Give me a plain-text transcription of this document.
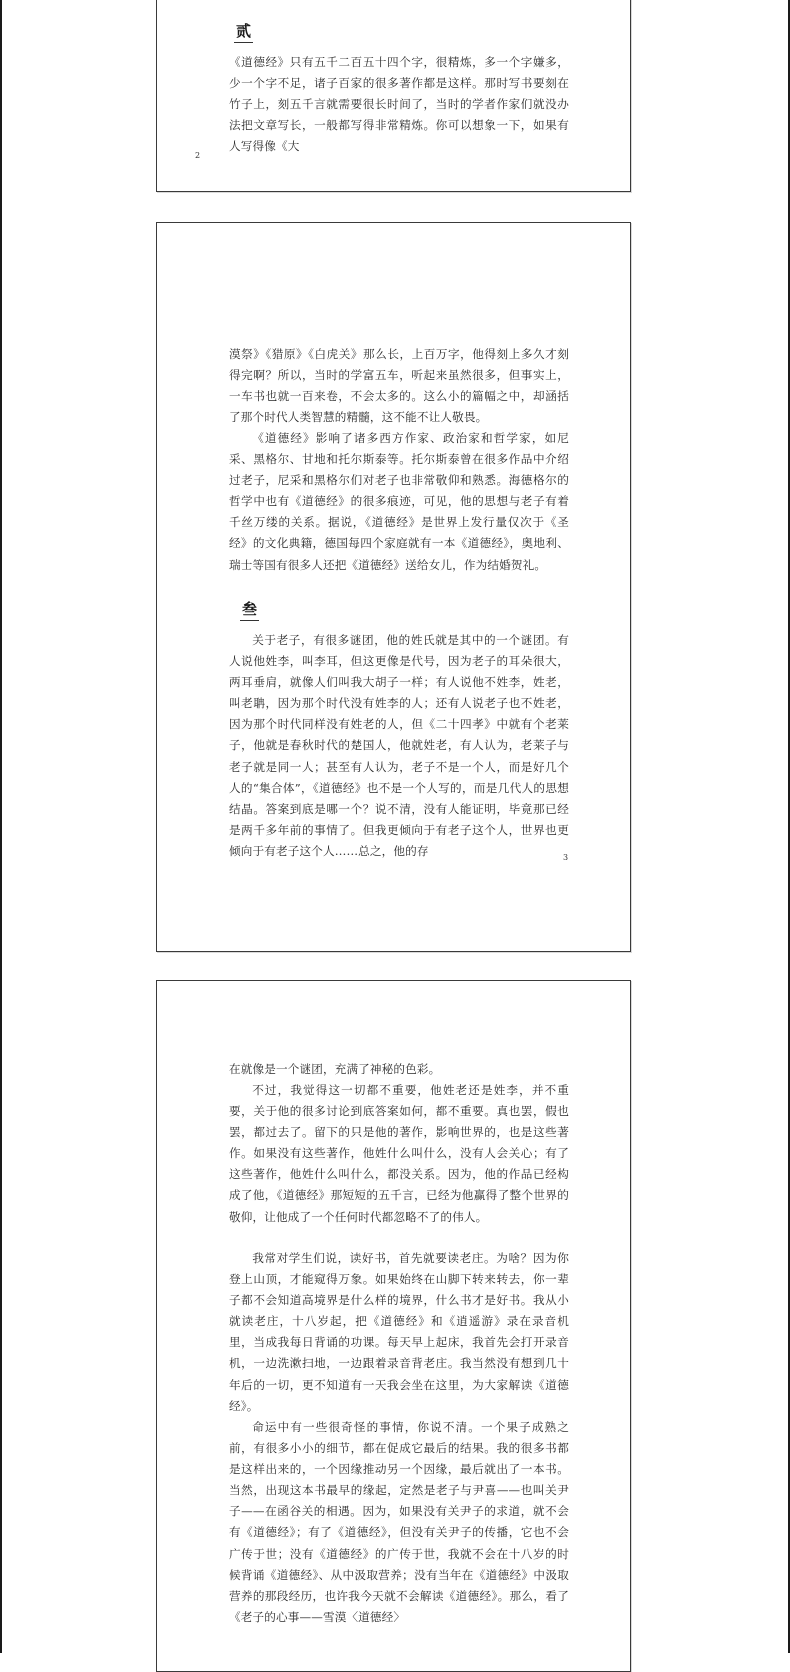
贰

《道德经》只有五千二百五十四个字，很精炼，多一个字嫌多，少一个字不足，诸子百家的很多著作都是这样。那时写书要刻在竹子上，刻五千言就需要很长时间了，当时的学者作家们就没办法把文章写长，一般都写得非常精炼。你可以想象一下，如果有人写得像《大

2

漠祭》《猎原》《白虎关》那么长，上百万字，他得刻上多久才刻得完啊？所以，当时的学富五车，听起来虽然很多，但事实上，一车书也就一百来卷，不会太多的。这么小的篇幅之中，却涵括了那个时代人类智慧的精髓，这不能不让人敬畏。

《道德经》影响了诸多西方作家、政治家和哲学家，如尼采、黑格尔、甘地和托尔斯泰等。托尔斯泰曾在很多作品中介绍过老子，尼采和黑格尔们对老子也非常敬仰和熟悉。海德格尔的哲学中也有《道德经》的很多痕迹，可见，他的思想与老子有着千丝万缕的关系。据说，《道德经》是世界上发行量仅次于《圣经》的文化典籍，德国每四个家庭就有一本《道德经》，奥地利、瑞士等国有很多人还把《道德经》送给女儿，作为结婚贺礼。

叁

关于老子，有很多谜团，他的姓氏就是其中的一个谜团。有人说他姓李，叫李耳，但这更像是代号，因为老子的耳朵很大，两耳垂肩，就像人们叫我大胡子一样；有人说他不姓李，姓老，叫老聃，因为那个时代没有姓李的人；还有人说老子也不姓老，因为那个时代同样没有姓老的人，但《二十四孝》中就有个老莱子，他就是春秋时代的楚国人，他就姓老，有人认为，老莱子与老子就是同一人；甚至有人认为，老子不是一个人，而是好几个人的“集合体”，《道德经》也不是一个人写的，而是几代人的思想结晶。答案到底是哪一个？说不清，没有人能证明，毕竟那已经是两千多年前的事情了。但我更倾向于有老子这个人，世界也更倾向于有老子这个人……总之，他的存	3

在就像是一个谜团，充满了神秘的色彩。

不过，我觉得这一切都不重要，他姓老还是姓李，并不重要，关于他的很多讨论到底答案如何，都不重要。真也罢，假也罢，都过去了。留下的只是他的著作，影响世界的，也是这些著作。如果没有这些著作，他姓什么叫什么，没有人会关心；有了这些著作，他姓什么叫什么，都没关系。因为，他的作品已经构成了他，《道德经》那短短的五千言，已经为他赢得了整个世界的敬仰，让他成了一个任何时代都忽略不了的伟人。

我常对学生们说，读好书，首先就要读老庄。为啥？因为你登上山顶，才能窥得万象。如果始终在山脚下转来转去，你一辈子都不会知道高境界是什么样的境界，什么书才是好书。我从小就读老庄，十八岁起，把《道德经》和《逍遥游》录在录音机里，当成我每日背诵的功课。每天早上起床，我首先会打开录音机，一边洗漱扫地，一边跟着录音背老庄。我当然没有想到几十年后的一切，更不知道有一天我会坐在这里，为大家解读《道德经》。

命运中有一些很奇怪的事情，你说不清。一个果子成熟之前，有很多小小的细节，都在促成它最后的结果。我的很多书都是这样出来的，一个因缘推动另一个因缘，最后就出了一本书。当然，出现这本书最早的缘起，定然是老子与尹喜——也叫关尹子——在函谷关的相遇。因为，如果没有关尹子的求道，就不会有《道德经》；有了《道德经》，但没有关尹子的传播，它也不会广传于世；没有《道德经》的广传于世，我就不会在十八岁的时候背诵《道德经》、从中汲取营养；没有当年在《道德经》中汲取营养的那段经历，也许我今天就不会解读《道德经》。那么，看了《老子的心事——雪漠〈道德经〉
